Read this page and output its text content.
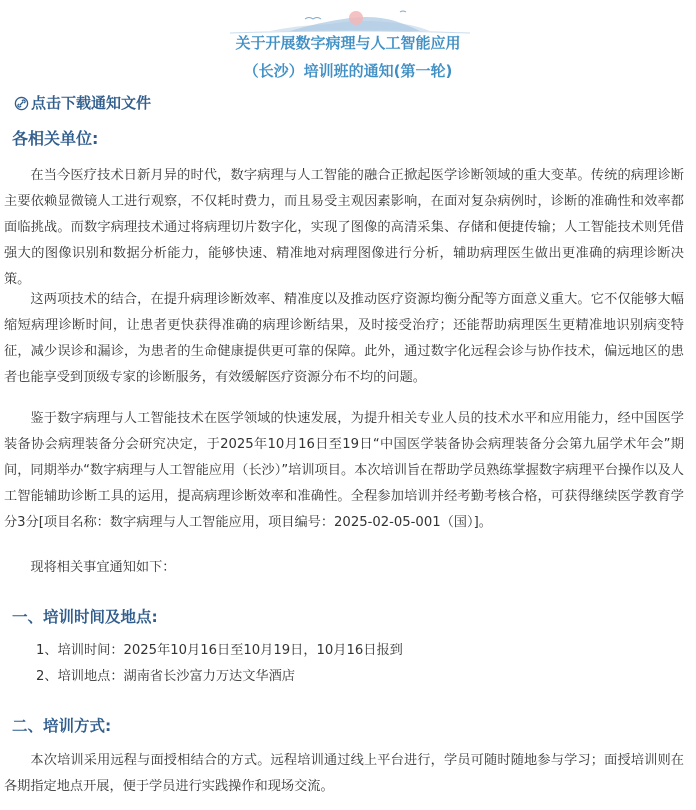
关于开展数字病理与人工智能应用
（长沙）培训班的通知(第一轮)
点击下载通知文件
各相关单位:

在当今医疗技术日新月异的时代，数字病理与人工智能的融合正掀起医学诊断领域的重大变革。传统的病理诊断主要依赖显微镜人工进行观察，不仅耗时费力，而且易受主观因素影响，在面对复杂病例时，诊断的准确性和效率都面临挑战。而数字病理技术通过将病理切片数字化，实现了图像的高清采集、存储和便捷传输；人工智能技术则凭借强大的图像识别和数据分析能力，能够快速、精准地对病理图像进行分析，辅助病理医生做出更准确的病理诊断决策。

这两项技术的结合，在提升病理诊断效率、精准度以及推动医疗资源均衡分配等方面意义重大。它不仅能够大幅缩短病理诊断时间，让患者更快获得准确的病理诊断结果，及时接受治疗；还能帮助病理医生更精准地识别病变特征，减少误诊和漏诊，为患者的生命健康提供更可靠的保障。此外，通过数字化远程会诊与协作技术，偏远地区的患者也能享受到顶级专家的诊断服务，有效缓解医疗资源分布不均的问题。

鉴于数字病理与人工智能技术在医学领域的快速发展，为提升相关专业人员的技术水平和应用能力，经中国医学装备协会病理装备分会研究决定，于2025年10月16日至19日“中国医学装备协会病理装备分会第九届学术年会”期间，同期举办“数字病理与人工智能应用（长沙）”培训项目。本次培训旨在帮助学员熟练掌握数字病理平台操作以及人工智能辅助诊断工具的运用，提高病理诊断效率和准确性。全程参加培训并经考勤考核合格，可获得继续医学教育学分3分[项目名称：数字病理与人工智能应用，项目编号：2025-02-05-001（国）]。

现将相关事宜通知如下：

一、培训时间及地点:
1、培训时间：2025年10月16日至10月19日，10月16日报到
2、培训地点：湖南省长沙富力万达文华酒店
二、培训方式:

本次培训采用远程与面授相结合的方式。远程培训通过线上平台进行，学员可随时随地参与学习；面授培训则在各期指定地点开展，便于学员进行实践操作和现场交流。
